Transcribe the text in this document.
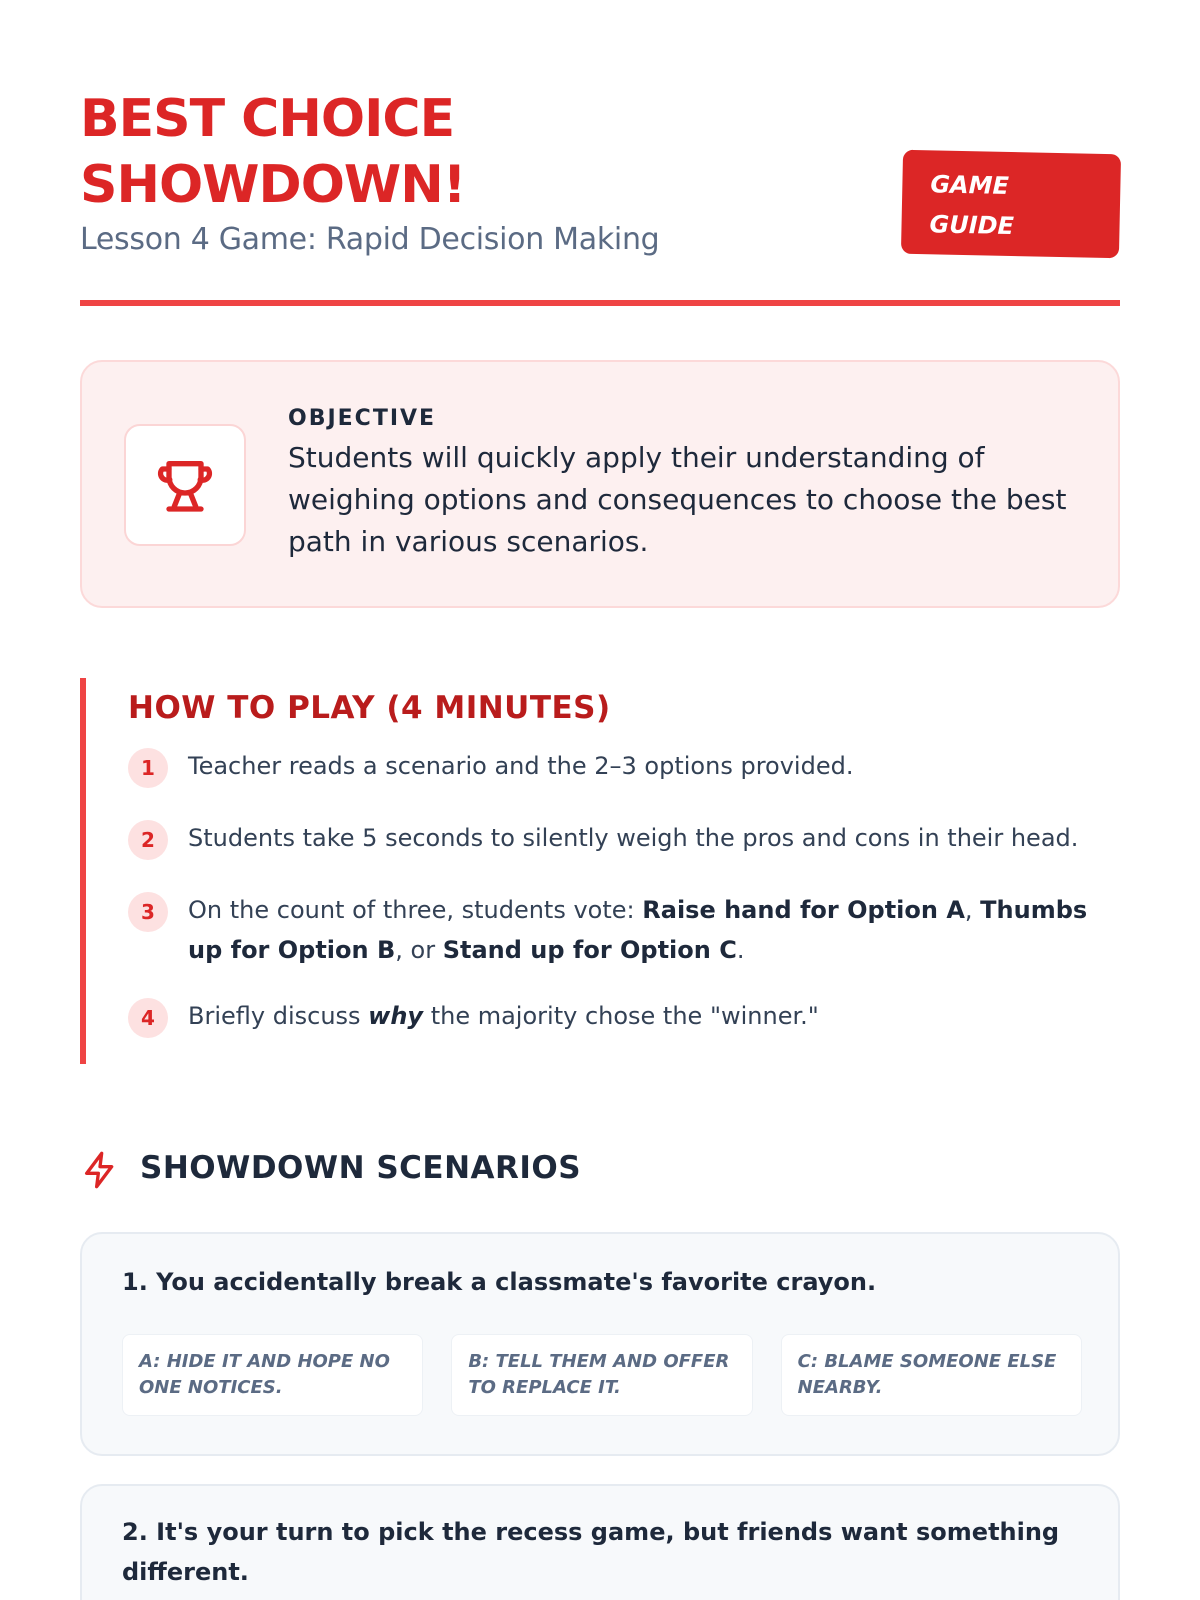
BEST CHOICE
SHOWDOWN!
Lesson 4 Game: Rapid Decision Making
GAME
GUIDE
OBJECTIVE
Students will quickly apply their understanding of weighing options and consequences to choose the best path in various scenarios.
HOW TO PLAY (4 MINUTES)
1	Teacher reads a scenario and the 2–3 options provided.
2	Students take 5 seconds to silently weigh the pros and cons in their head.
3	On the count of three, students vote: Raise hand for Option A, Thumbs up for Option B, or Stand up for Option C.
4	Briefly discuss why the majority chose the "winner."
SHOWDOWN SCENARIOS
1. You accidentally break a classmate's favorite crayon.
A: HIDE IT AND HOPE NO ONE NOTICES.
B: TELL THEM AND OFFER TO REPLACE IT.
C: BLAME SOMEONE ELSE NEARBY.
2. It's your turn to pick the recess game, but friends want something different.
